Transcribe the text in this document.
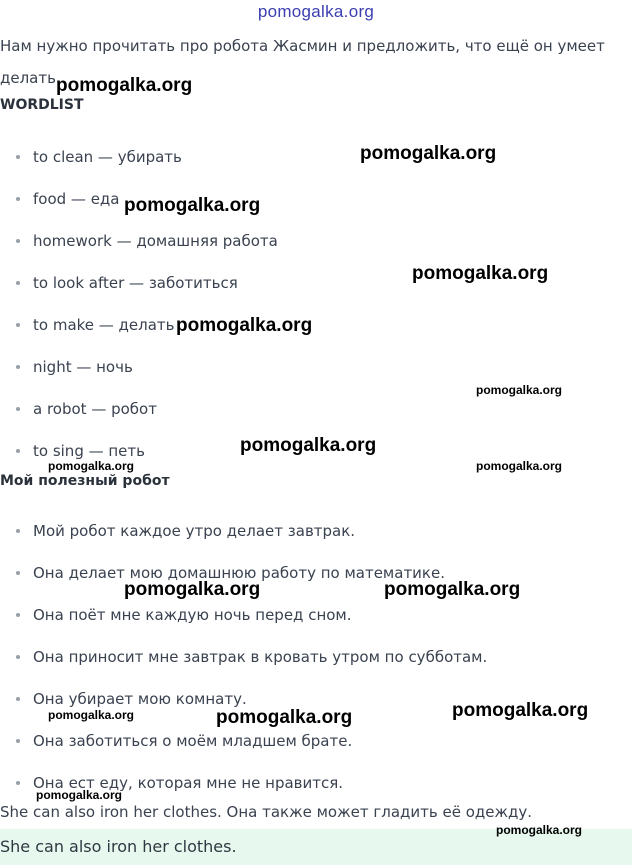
pomogalka.org
Нам нужно прочитать про робота Жасмин и предложить, что ещё он умеет делать.
WORDLIST
to clean — убирать
food — еда
homework — домашняя работа
to look after — заботиться
to make — делать
night — ночь
a robot — робот
to sing — петь
Мой полезный робот
Мой робот каждое утро делает завтрак.
Она делает мою домашнюю работу по математике.
Она поёт мне каждую ночь перед сном.
Она приносит мне завтрак в кровать утром по субботам.
Она убирает мою комнату.
Она заботиться о моём младшем брате.
Она ест еду, которая мне не нравится.
She can also iron her clothes. Она также может гладить её одежду.
She can also iron her clothes.
pomogalka.org
pomogalka.org
pomogalka.org
pomogalka.org
pomogalka.org
pomogalka.org
pomogalka.org
pomogalka.org	pomogalka.org
pomogalka.org	pomogalka.org
pomogalka.org
pomogalka.org	pomogalka.org
pomogalka.org
pomogalka.org
